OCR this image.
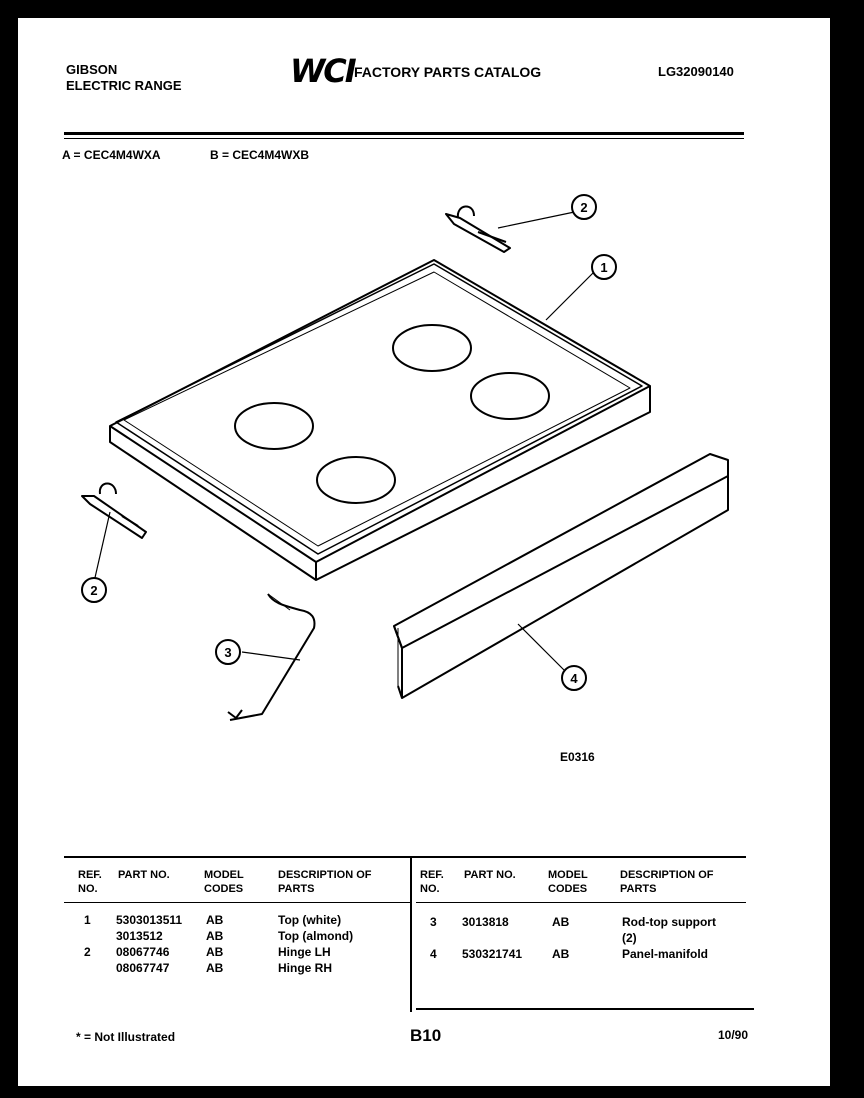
GIBSON
ELECTRIC RANGE	WCI FACTORY PARTS CATALOG	LG32090140
A = CEC4M4WXA	B = CEC4M4WXB
2
1
2
3
4
E0316
REF. NO.
PART NO.	MODEL CODES
DESCRIPTION OF PARTS
REF. NO.
PART NO.	MODEL CODES
DESCRIPTION OF PARTS
1 5303013511 AB	Top (white)
3013512	AB	Top (almond)
2 08067746	AB	Hinge LH
08067747	AB	Hinge RH
3 3013818	AB	Rod-top support
(2)
4 530321741 AB	Panel-manifold
* = Not Illustrated	B10	10/90
